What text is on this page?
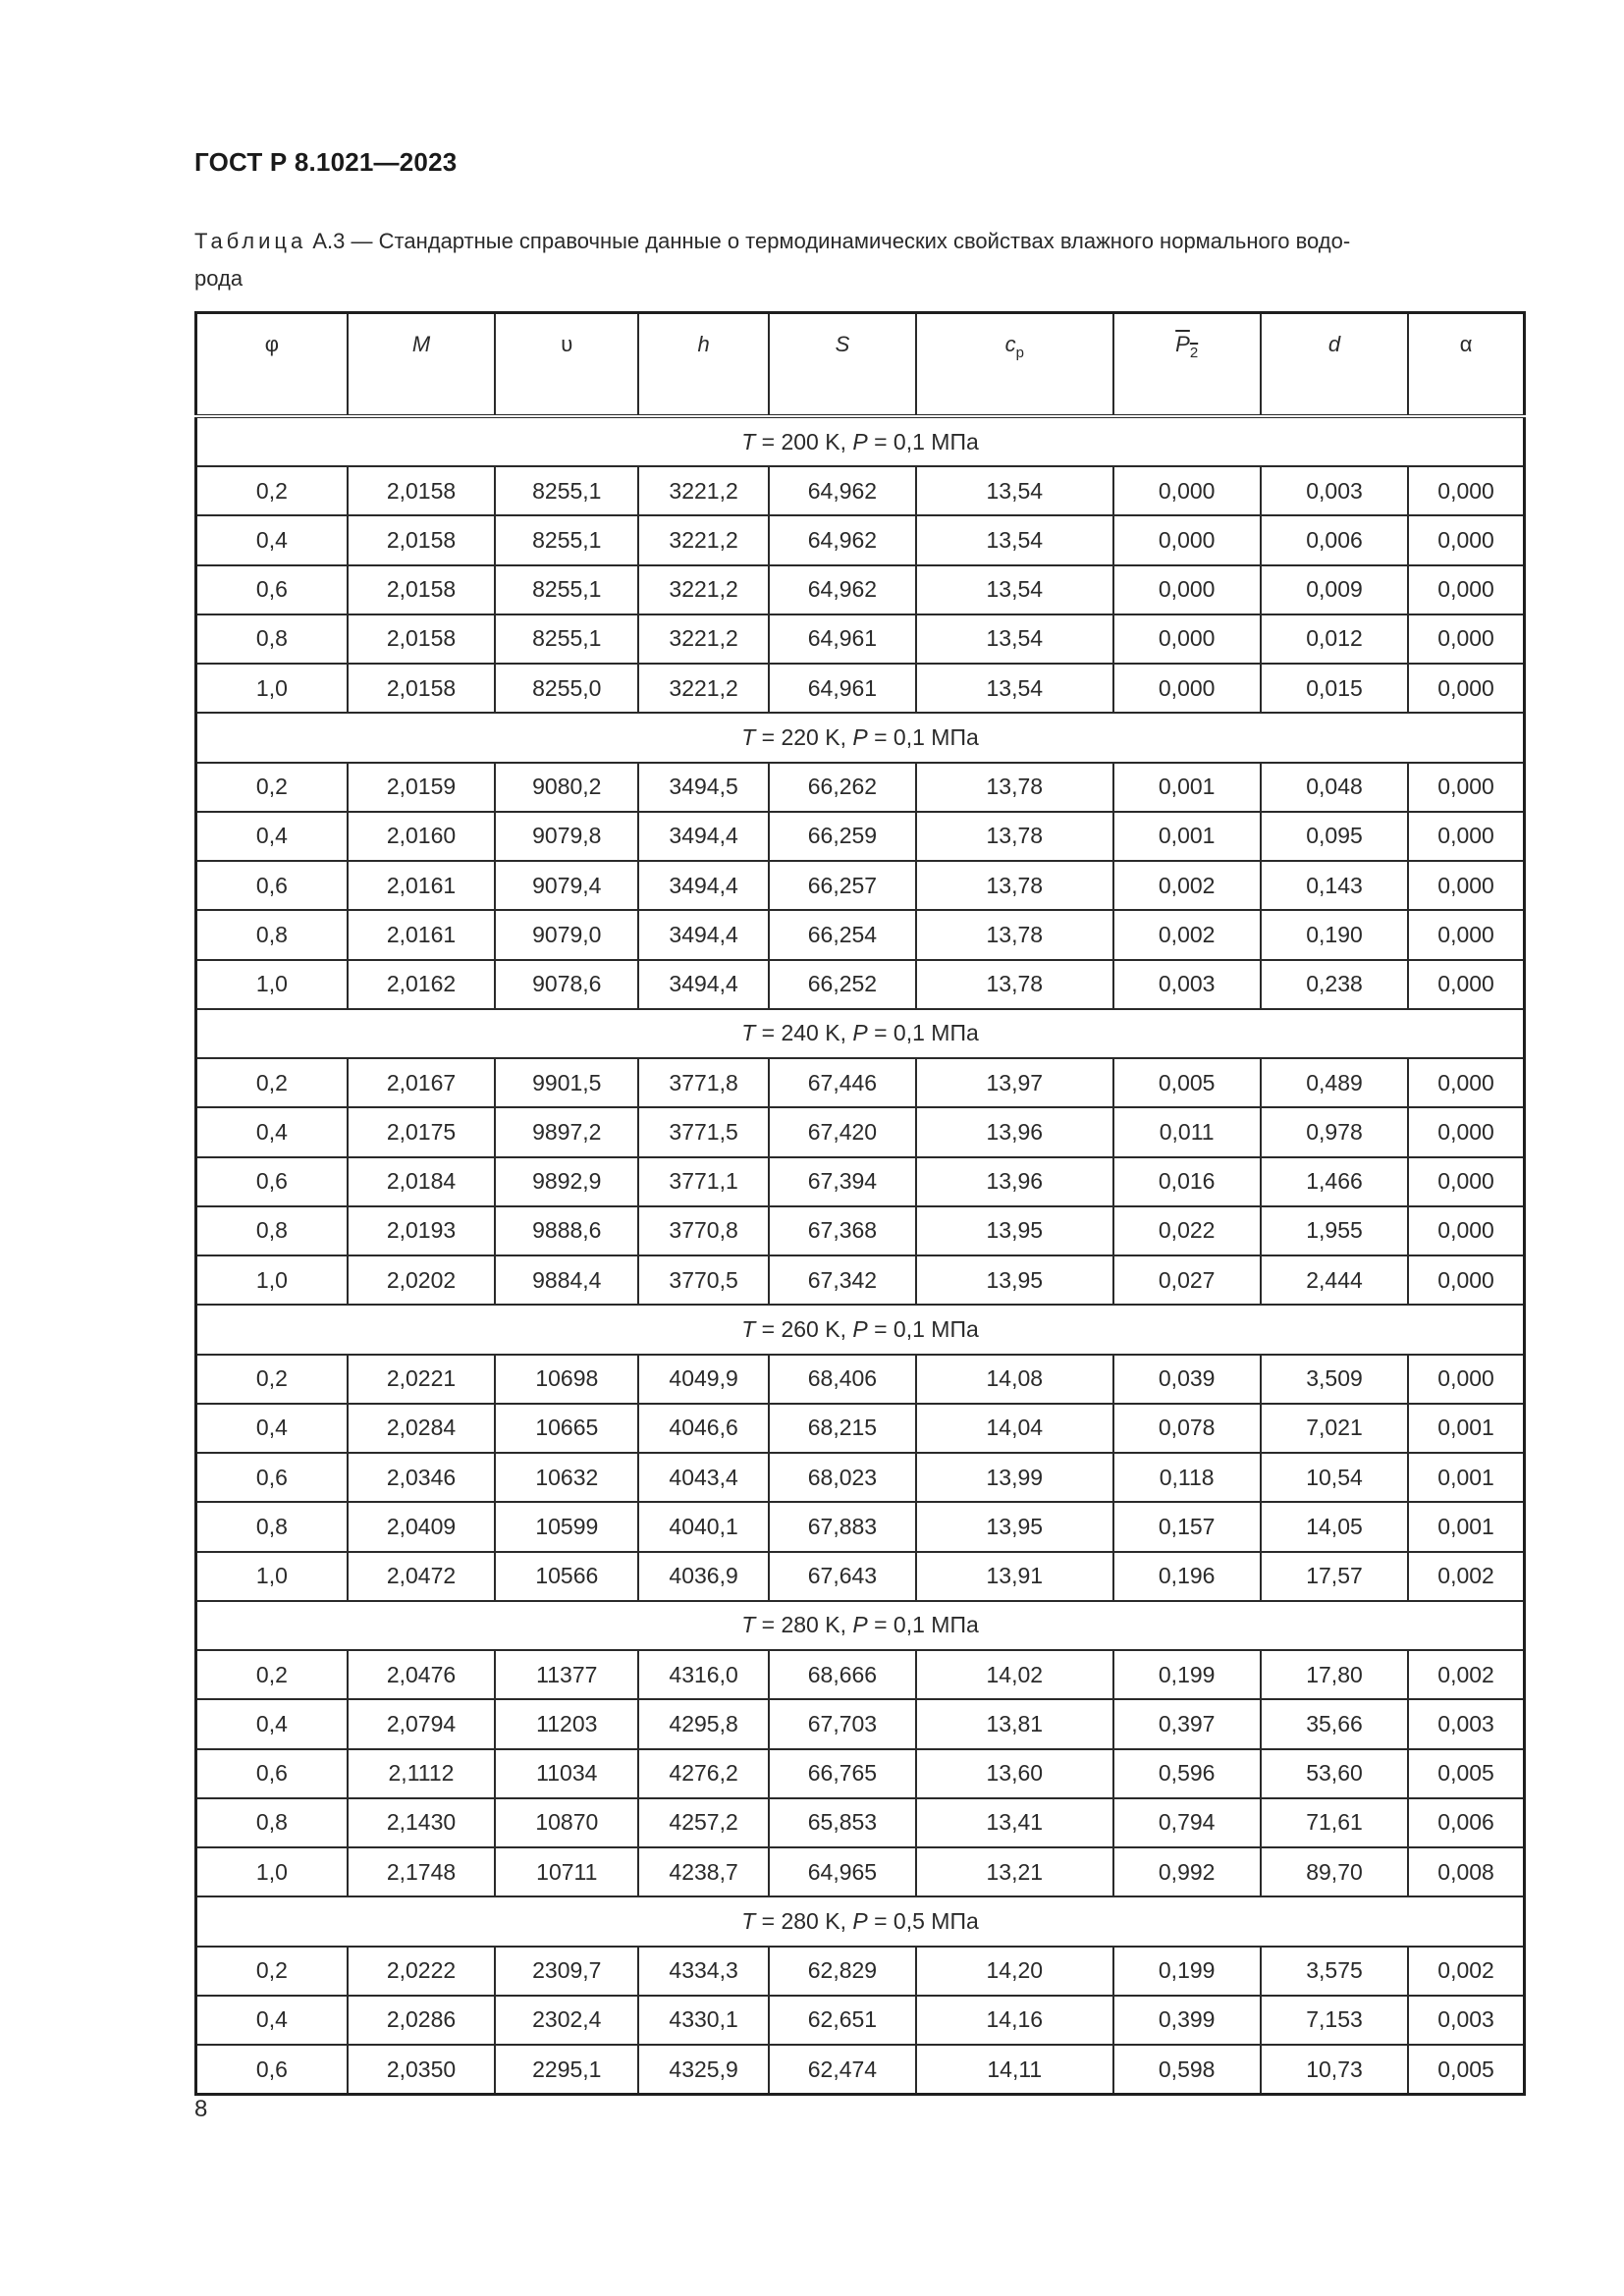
ГОСТ Р 8.1021—2023
Таблица А.3 — Стандартные справочные данные о термодинамических свойствах влажного нормального водо-
рода
φ	M	υ	h	S	$c_p$	$P_2$	d	α
T = 200 K, P = 0,1 МПа								
0,2	2,0158	8255,1	3221,2	64,962	13,54	0,000	0,003	0,000
0,4	2,0158	8255,1	3221,2	64,962	13,54	0,000	0,006	0,000
0,6	2,0158	8255,1	3221,2	64,962	13,54	0,000	0,009	0,000
0,8	2,0158	8255,1	3221,2	64,961	13,54	0,000	0,012	0,000
1,0	2,0158	8255,0	3221,2	64,961	13,54	0,000	0,015	0,000
T = 220 K, P = 0,1 МПа								
0,2	2,0159	9080,2	3494,5	66,262	13,78	0,001	0,048	0,000
0,4	2,0160	9079,8	3494,4	66,259	13,78	0,001	0,095	0,000
0,6	2,0161	9079,4	3494,4	66,257	13,78	0,002	0,143	0,000
0,8	2,0161	9079,0	3494,4	66,254	13,78	0,002	0,190	0,000
1,0	2,0162	9078,6	3494,4	66,252	13,78	0,003	0,238	0,000
T = 240 K, P = 0,1 МПа								
0,2	2,0167	9901,5	3771,8	67,446	13,97	0,005	0,489	0,000
0,4	2,0175	9897,2	3771,5	67,420	13,96	0,011	0,978	0,000
0,6	2,0184	9892,9	3771,1	67,394	13,96	0,016	1,466	0,000
0,8	2,0193	9888,6	3770,8	67,368	13,95	0,022	1,955	0,000
1,0	2,0202	9884,4	3770,5	67,342	13,95	0,027	2,444	0,000
T = 260 K, P = 0,1 МПа								
0,2	2,0221	10698	4049,9	68,406	14,08	0,039	3,509	0,000
0,4	2,0284	10665	4046,6	68,215	14,04	0,078	7,021	0,001
0,6	2,0346	10632	4043,4	68,023	13,99	0,118	10,54	0,001
0,8	2,0409	10599	4040,1	67,883	13,95	0,157	14,05	0,001
1,0	2,0472	10566	4036,9	67,643	13,91	0,196	17,57	0,002
T = 280 K, P = 0,1 МПа								
0,2	2,0476	11377	4316,0	68,666	14,02	0,199	17,80	0,002
0,4	2,0794	11203	4295,8	67,703	13,81	0,397	35,66	0,003
0,6	2,1112	11034	4276,2	66,765	13,60	0,596	53,60	0,005
0,8	2,1430	10870	4257,2	65,853	13,41	0,794	71,61	0,006
1,0	2,1748	10711	4238,7	64,965	13,21	0,992	89,70	0,008
T = 280 K, P = 0,5 МПа								
0,2	2,0222	2309,7	4334,3	62,829	14,20	0,199	3,575	0,002
0,4	2,0286	2302,4	4330,1	62,651	14,16	0,399	7,153	0,003
0,6	2,0350	2295,1	4325,9	62,474	14,11	0,598	10,73	0,005
8
